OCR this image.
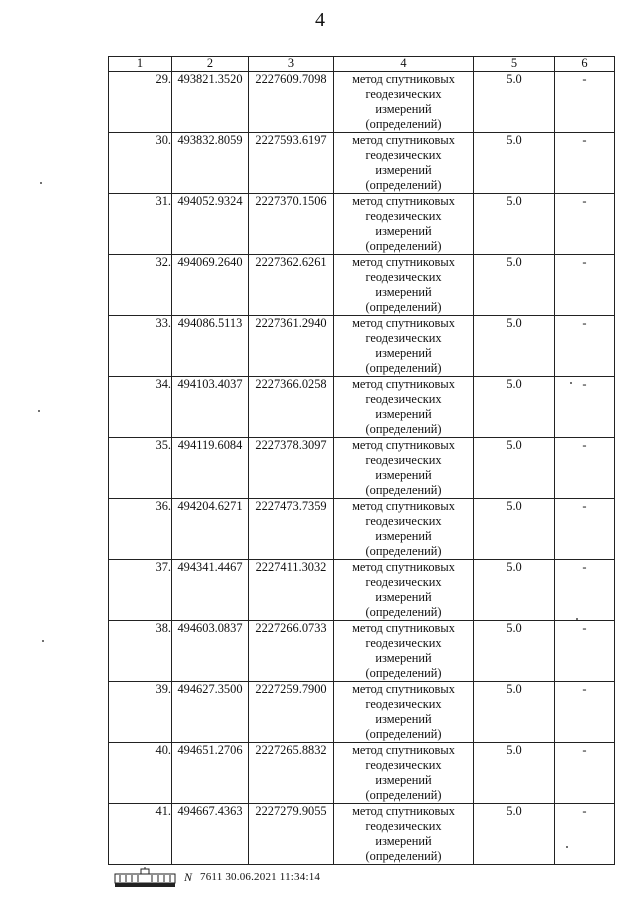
4
1	2	3	4	5	6
29.	493821.3520	2227609.7098	метод спутниковых
геодезических
измерений
(определений)	5.0	-
30.	493832.8059	2227593.6197	метод спутниковых
геодезических
измерений
(определений)	5.0	-
31.	494052.9324	2227370.1506	метод спутниковых
геодезических
измерений
(определений)	5.0	-
32.	494069.2640	2227362.6261	метод спутниковых
геодезических
измерений
(определений)	5.0	-
33.	494086.5113	2227361.2940	метод спутниковых
геодезических
измерений
(определений)	5.0	-
34.	494103.4037	2227366.0258	метод спутниковых
геодезических
измерений
(определений)	5.0	-
35.	494119.6084	2227378.3097	метод спутниковых
геодезических
измерений
(определений)	5.0	-
36.	494204.6271	2227473.7359	метод спутниковых
геодезических
измерений
(определений)	5.0	-
37.	494341.4467	2227411.3032	метод спутниковых
геодезических
измерений
(определений)	5.0	-
38.	494603.0837	2227266.0733	метод спутниковых
геодезических
измерений
(определений)	5.0	-
39.	494627.3500	2227259.7900	метод спутниковых
геодезических
измерений
(определений)	5.0	-
40.	494651.2706	2227265.8832	метод спутниковых
геодезических
измерений
(определений)	5.0	-
41.	494667.4363	2227279.9055	метод спутниковых
геодезических
измерений
(определений)	5.0	-
N 7611 30.06.2021 11:34:14
